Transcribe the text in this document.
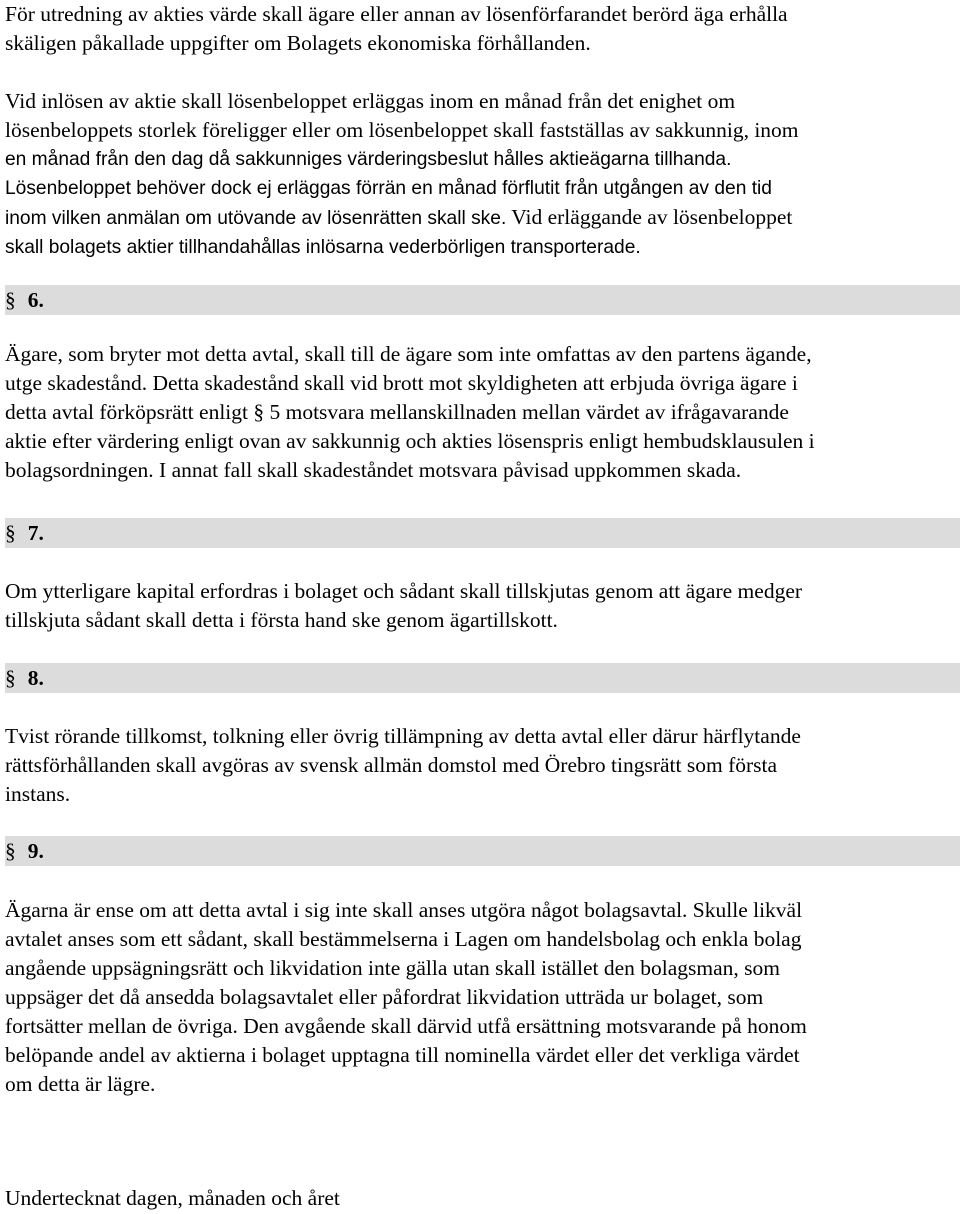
För utredning av akties värde skall ägare eller annan av lösenförfarandet berörd äga erhålla
skäligen påkallade uppgifter om Bolagets ekonomiska förhållanden.
Vid inlösen av aktie skall lösenbeloppet erläggas inom en månad från det enighet om
lösenbeloppets storlek föreligger eller om lösenbeloppet skall fastställas av sakkunnig, inom
en månad från den dag då sakkunniges värderingsbeslut hålles aktieägarna tillhanda.
Lösenbeloppet behöver dock ej erläggas förrän en månad förflutit från utgången av den tid
inom vilken anmälan om utövande av lösenrätten skall ske. Vid erläggande av lösenbeloppet
skall bolagets aktier tillhandahållas inlösarna vederbörligen transporterade.
§ 6.
Ägare, som bryter mot detta avtal, skall till de ägare som inte omfattas av den partens ägande,
utge skadestånd. Detta skadestånd skall vid brott mot skyldigheten att erbjuda övriga ägare i
detta avtal förköpsrätt enligt § 5 motsvara mellanskillnaden mellan värdet av ifrågavarande
aktie efter värdering enligt ovan av sakkunnig och akties lösenspris enligt hembudsklausulen i
bolagsordningen. I annat fall skall skadeståndet motsvara påvisad uppkommen skada.
§ 7.
Om ytterligare kapital erfordras i bolaget och sådant skall tillskjutas genom att ägare medger
tillskjuta sådant skall detta i första hand ske genom ägartillskott.
§ 8.
Tvist rörande tillkomst, tolkning eller övrig tillämpning av detta avtal eller därur härflytande
rättsförhållanden skall avgöras av svensk allmän domstol med Örebro tingsrätt som första
instans.
§ 9.
Ägarna är ense om att detta avtal i sig inte skall anses utgöra något bolagsavtal. Skulle likväl
avtalet anses som ett sådant, skall bestämmelserna i Lagen om handelsbolag och enkla bolag
angående uppsägningsrätt och likvidation inte gälla utan skall istället den bolagsman, som
uppsäger det då ansedda bolagsavtalet eller påfordrat likvidation utträda ur bolaget, som
fortsätter mellan de övriga. Den avgående skall därvid utfå ersättning motsvarande på honom
belöpande andel av aktierna i bolaget upptagna till nominella värdet eller det verkliga värdet
om detta är lägre.
Undertecknat dagen, månaden och året
